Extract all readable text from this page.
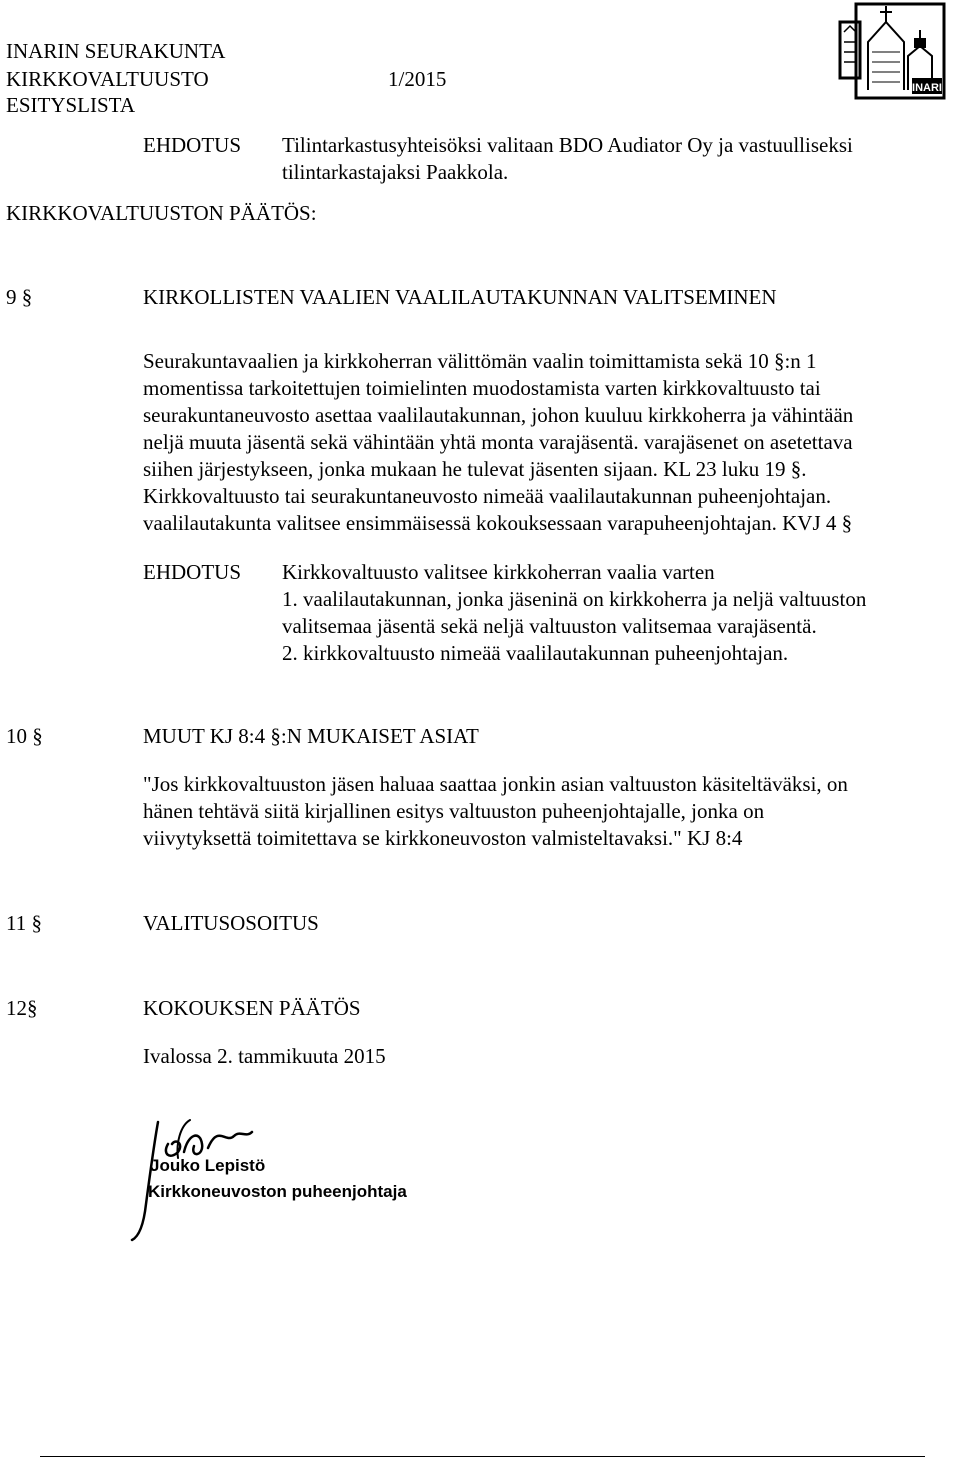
INARIN SEURAKUNTA
KIRKKOVALTUUSTO	1/2015
ESITYSLISTA
INARI
EHDOTUS Tilintarkastusyhteisöksi valitaan BDO Audiator Oy ja vastuulliseksi
tilintarkastajaksi Paakkola.
KIRKKOVALTUUSTON PÄÄTÖS:
9 §	KIRKOLLISTEN VAALIEN VAALILAUTAKUNNAN VALITSEMINEN
Seurakuntavaalien ja kirkkoherran välittömän vaalin toimittamista sekä 10 §:n 1
momentissa tarkoitettujen toimielinten muodostamista varten kirkkovaltuusto tai
seurakuntaneuvosto asettaa vaalilautakunnan, johon kuuluu kirkkoherra ja vähintään
neljä muuta jäsentä sekä vähintään yhtä monta varajäsentä. varajäsenet on asetettava
siihen järjestykseen, jonka mukaan he tulevat jäsenten sijaan. KL 23 luku 19 §.
Kirkkovaltuusto tai seurakuntaneuvosto nimeää vaalilautakunnan puheenjohtajan.
vaalilautakunta valitsee ensimmäisessä kokouksessaan varapuheenjohtajan. KVJ 4 §
EHDOTUS Kirkkovaltuusto valitsee kirkkoherran vaalia varten
1. vaalilautakunnan, jonka jäseninä on kirkkoherra ja neljä valtuuston
valitsemaa jäsentä sekä neljä valtuuston valitsemaa varajäsentä.
2. kirkkovaltuusto nimeää vaalilautakunnan puheenjohtajan.
10 §	MUUT KJ 8:4 §:N MUKAISET ASIAT
"Jos kirkkovaltuuston jäsen haluaa saattaa jonkin asian valtuuston käsiteltäväksi, on
hänen tehtävä siitä kirjallinen esitys valtuuston puheenjohtajalle, jonka on
viivytyksettä toimitettava se kirkkoneuvoston valmisteltavaksi." KJ 8:4
11 §	VALITUSOSOITUS
12§	KOKOUKSEN PÄÄTÖS
Ivalossa 2. tammikuuta 2015
Jouko Lepistö
Kirkkoneuvoston puheenjohtaja
